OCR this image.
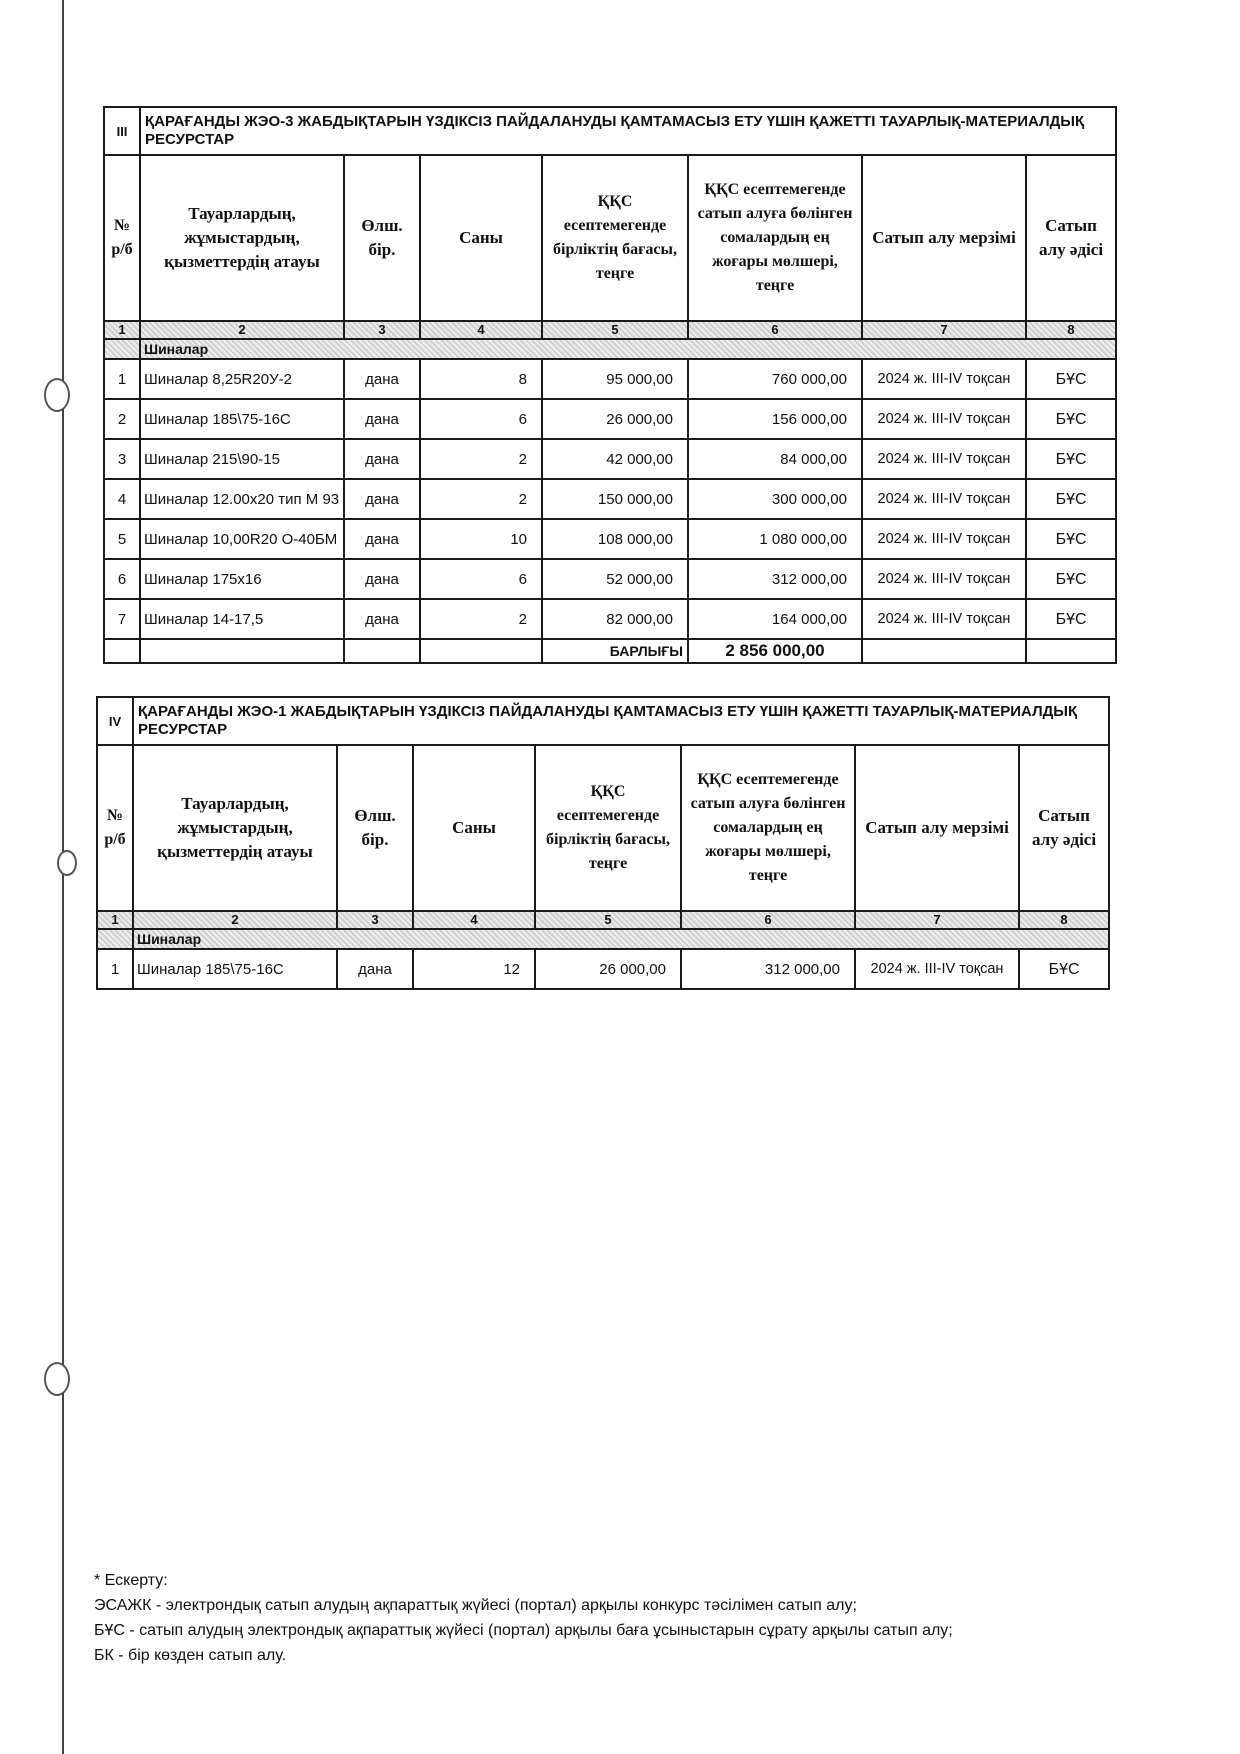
III	ҚАРАҒАНДЫ ЖЭО-3 ЖАБДЫҚТАРЫН ҮЗДІКСІЗ ПАЙДАЛАНУДЫ ҚАМТАМАСЫЗ ЕТУ ҮШІН ҚАЖЕТТІ ТАУАРЛЫҚ-МАТЕРИАЛДЫҚ РЕСУРСТАР						
№ р/б	Тауарлардың, жұмыстардың, қызметтердің атауы	Өлш. бір.	Саны	ҚҚС есептемегенде бірліктің бағасы, теңге	ҚҚС есептемегенде сатып алуға бөлінген сомалардың ең жоғары мөлшері, теңге	Сатып алу мерзімі	Сатып алу әдісі
1	2	3	4	5	6	7	8
	Шиналар						
1	Шиналар 8,25R20У-2	дана	8	95 000,00	760 000,00	2024 ж. III-IV тоқсан	БҰС
2	Шиналар 185\75-16С	дана	6	26 000,00	156 000,00	2024 ж. III-IV тоқсан	БҰС
3	Шиналар 215\90-15	дана	2	42 000,00	84 000,00	2024 ж. III-IV тоқсан	БҰС
4	Шиналар 12.00х20 тип М 93	дана	2	150 000,00	300 000,00	2024 ж. III-IV тоқсан	БҰС
5	Шиналар 10,00R20 О-40БМ	дана	10	108 000,00	1 080 000,00	2024 ж. III-IV тоқсан	БҰС
6	Шиналар 175х16	дана	6	52 000,00	312 000,00	2024 ж. III-IV тоқсан	БҰС
7	Шиналар 14-17,5	дана	2	82 000,00	164 000,00	2024 ж. III-IV тоқсан	БҰС
				БАРЛЫҒЫ	2 856 000,00		
IV	ҚАРАҒАНДЫ ЖЭО-1 ЖАБДЫҚТАРЫН ҮЗДІКСІЗ ПАЙДАЛАНУДЫ ҚАМТАМАСЫЗ ЕТУ ҮШІН ҚАЖЕТТІ ТАУАРЛЫҚ-МАТЕРИАЛДЫҚ РЕСУРСТАР						
№ р/б	Тауарлардың, жұмыстардың, қызметтердің атауы	Өлш. бір.	Саны	ҚҚС есептемегенде бірліктің бағасы, теңге	ҚҚС есептемегенде сатып алуға бөлінген сомалардың ең жоғары мөлшері, теңге	Сатып алу мерзімі	Сатып алу әдісі
1	2	3	4	5	6	7	8
	Шиналар						
1	Шиналар 185\75-16С	дана	12	26 000,00	312 000,00	2024 ж. III-IV тоқсан	БҰС
* Ескерту:
ЭСАЖК - электрондық сатып алудың ақпараттық жүйесі (портал) арқылы конкурс тәсілімен сатып алу;
БҰС - сатып алудың электрондық ақпараттық жүйесі (портал) арқылы баға ұсыныстарын сұрату арқылы сатып алу;
БК - бір көзден сатып алу.
